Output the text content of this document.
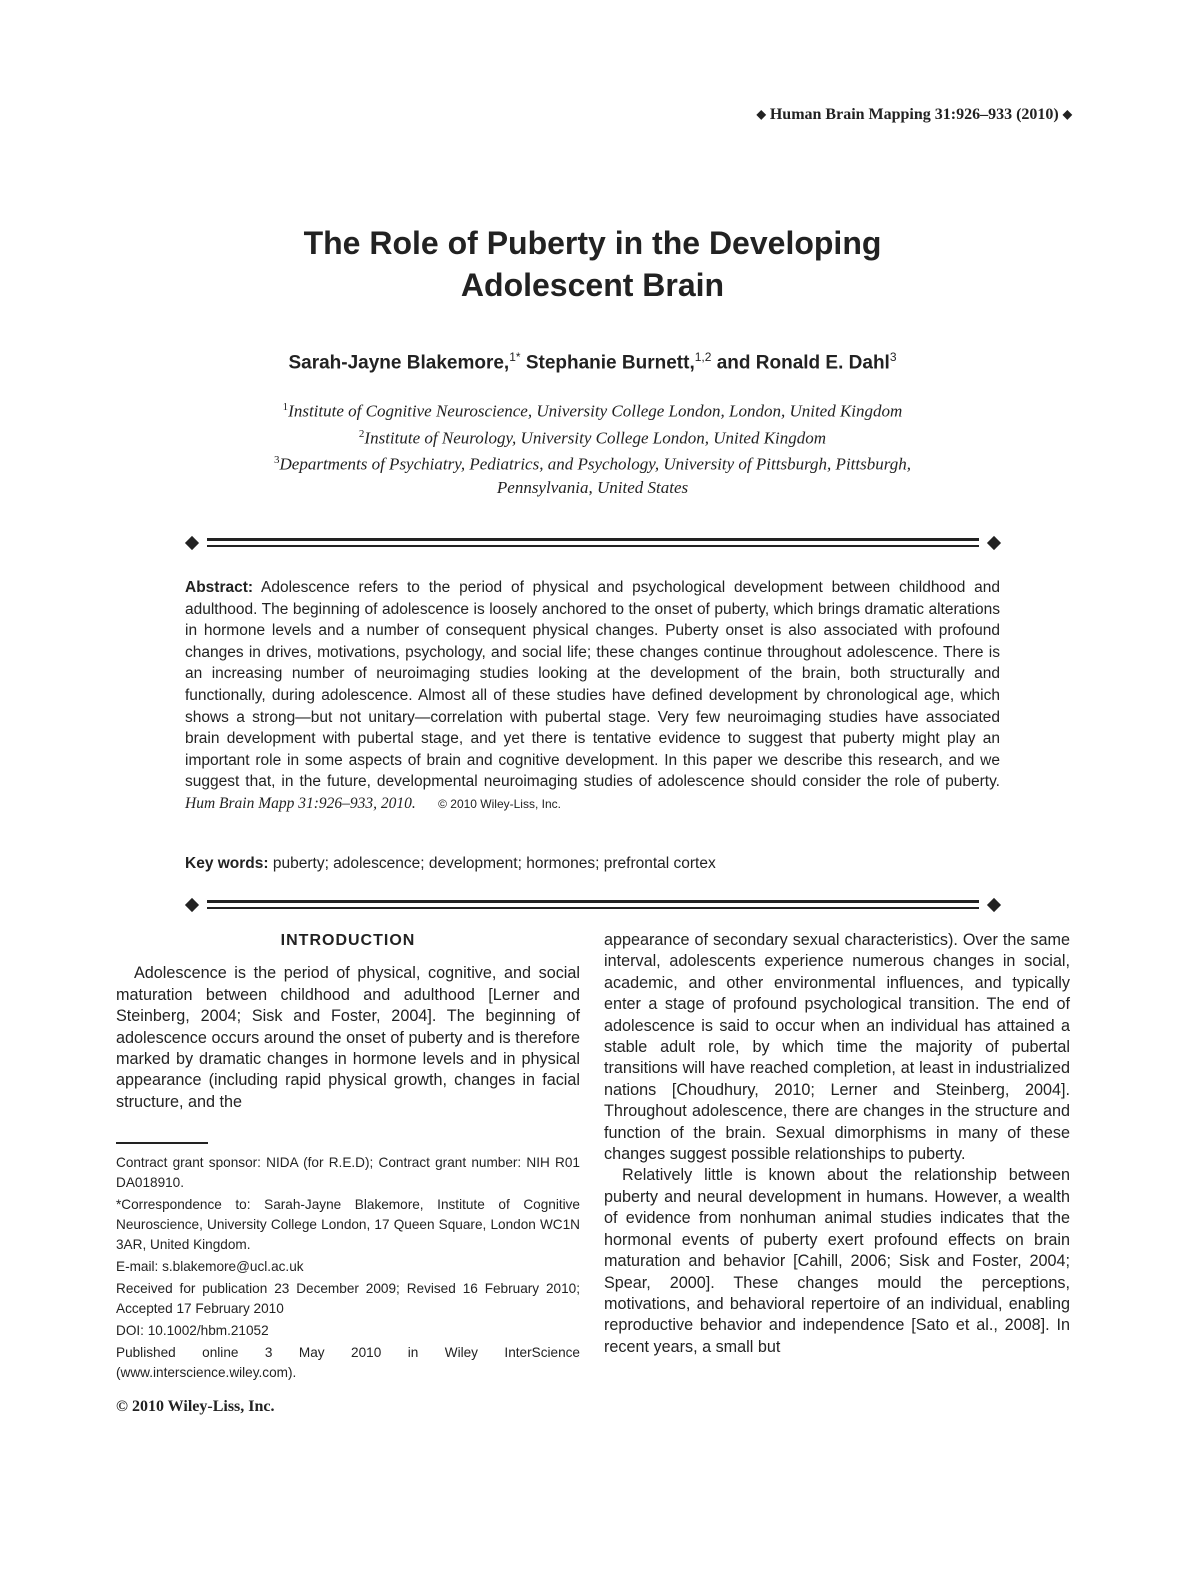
◆ Human Brain Mapping 31:926–933 (2010) ◆
The Role of Puberty in the Developing
Adolescent Brain
Sarah-Jayne Blakemore,$^{1*}$ Stephanie Burnett,$^{1,2}$ and Ronald E. Dahl$^3$
$^1$Institute of Cognitive Neuroscience, University College London, London, United Kingdom
$^2$Institute of Neurology, University College London, United Kingdom
$^3$Departments of Psychiatry, Pediatrics, and Psychology, University of Pittsburgh, Pittsburgh,
Pennsylvania, United States
Abstract: Adolescence refers to the period of physical and psychological development between childhood and adulthood. The beginning of adolescence is loosely anchored to the onset of puberty, which brings dramatic alterations in hormone levels and a number of consequent physical changes. Puberty onset is also associated with profound changes in drives, motivations, psychology, and social life; these changes continue throughout adolescence. There is an increasing number of neuroimaging studies looking at the development of the brain, both structurally and functionally, during adolescence. Almost all of these studies have defined development by chronological age, which shows a strong—but not unitary—correlation with pubertal stage. Very few neuroimaging studies have associated brain development with pubertal stage, and yet there is tentative evidence to suggest that puberty might play an important role in some aspects of brain and cognitive development. In this paper we describe this research, and we suggest that, in the future, developmental neuroimaging studies of adolescence should consider the role of puberty. Hum Brain Mapp 31:926–933, 2010. © 2010 Wiley-Liss, Inc.
Key words: puberty; adolescence; development; hormones; prefrontal cortex
INTRODUCTION

Adolescence is the period of physical, cognitive, and social maturation between childhood and adulthood [Lerner and Steinberg, 2004; Sisk and Foster, 2004]. The beginning of adolescence occurs around the onset of puberty and is therefore marked by dramatic changes in hormone levels and in physical appearance (including rapid physical growth, changes in facial structure, and the

Contract grant sponsor: NIDA (for R.E.D); Contract grant number: NIH R01 DA018910.

*Correspondence to: Sarah-Jayne Blakemore, Institute of Cognitive Neuroscience, University College London, 17 Queen Square, London WC1N 3AR, United Kingdom.

E-mail: s.blakemore@ucl.ac.uk

Received for publication 23 December 2009; Revised 16 February 2010; Accepted 17 February 2010

DOI: 10.1002/hbm.21052

Published online 3 May 2010 in Wiley InterScience (www.interscience.wiley.com).

© 2010 Wiley-Liss, Inc.

appearance of secondary sexual characteristics). Over the same interval, adolescents experience numerous changes in social, academic, and other environmental influences, and typically enter a stage of profound psychological transition. The end of adolescence is said to occur when an individual has attained a stable adult role, by which time the majority of pubertal transitions will have reached completion, at least in industrialized nations [Choudhury, 2010; Lerner and Steinberg, 2004]. Throughout adolescence, there are changes in the structure and function of the brain. Sexual dimorphisms in many of these changes suggest possible relationships to puberty.

Relatively little is known about the relationship between puberty and neural development in humans. However, a wealth of evidence from nonhuman animal studies indicates that the hormonal events of puberty exert profound effects on brain maturation and behavior [Cahill, 2006; Sisk and Foster, 2004; Spear, 2000]. These changes mould the perceptions, motivations, and behavioral repertoire of an individual, enabling reproductive behavior and independence [Sato et al., 2008]. In recent years, a small but
